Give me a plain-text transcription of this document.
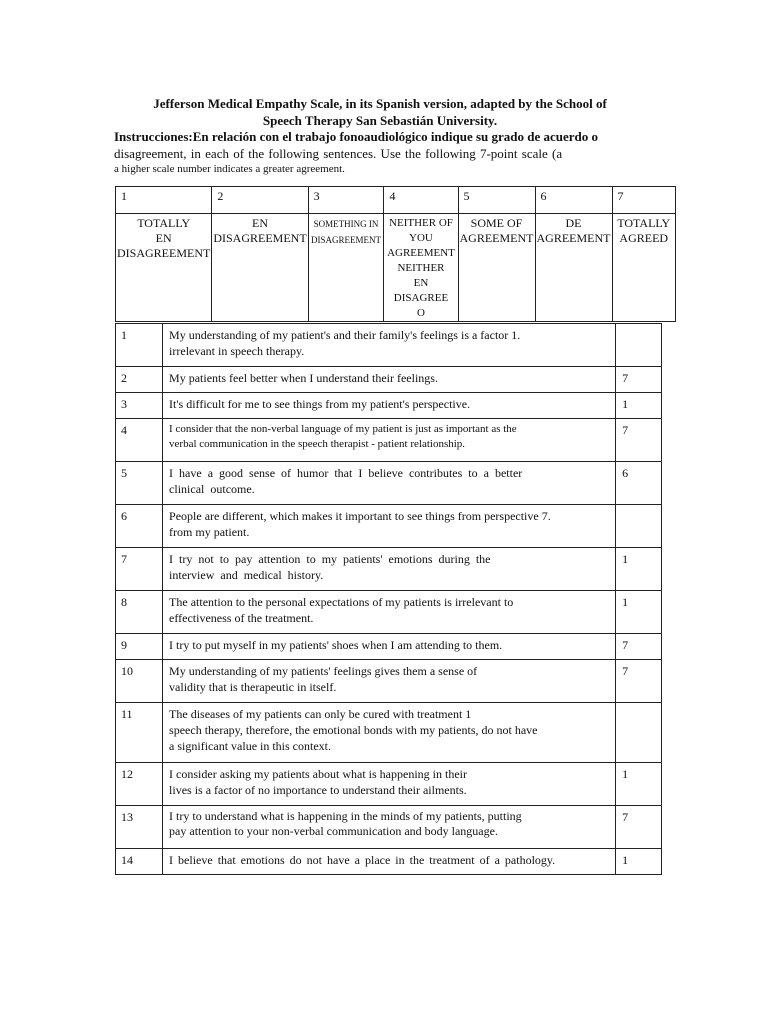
Jefferson Medical Empathy Scale, in its Spanish version, adapted by the School of
Speech Therapy San Sebastián University.
Instrucciones:En relación con el trabajo fonoaudiológico indique su grado de acuerdo o
disagreement, in each of the following sentences. Use the following 7-point scale (a
a higher scale number indicates a greater agreement.
1	2	3	4	5	6	7

TOTALLY
EN
DISAGREEMENT	EN
DISAGREEMENT	SOMETHING IN
DISAGREEMENT	NEITHER OF YOU
AGREEMENT NEITHER
EN
DISAGREE
O	SOME OF
AGREEMENT	DE
AGREEMENT	TOTALLY
AGREED
1	My understanding of my patient's and their family's feelings is a factor 1.
irrelevant in speech therapy.	
2	My patients feel better when I understand their feelings.	7
3	It's difficult for me to see things from my patient's perspective.	1
4	I consider that the non-verbal language of my patient is just as important as the
verbal communication in the speech therapist - patient relationship.	7
5	I have a good sense of humor that I believe contributes to a better
clinical outcome.	6
6	People are different, which makes it important to see things from perspective 7.
from my patient.	
7	I try not to pay attention to my patients' emotions during the
interview and medical history.	1
8	The attention to the personal expectations of my patients is irrelevant to
effectiveness of the treatment.	1
9	I try to put myself in my patients' shoes when I am attending to them.	7
10	My understanding of my patients' feelings gives them a sense of
validity that is therapeutic in itself.	7
11	The diseases of my patients can only be cured with treatment 1
speech therapy, therefore, the emotional bonds with my patients, do not have
a significant value in this context.	
12	I consider asking my patients about what is happening in their
lives is a factor of no importance to understand their ailments.	1
13	I try to understand what is happening in the minds of my patients, putting
pay attention to your non-verbal communication and body language.	7
14	I believe that emotions do not have a place in the treatment of a pathology.	1
